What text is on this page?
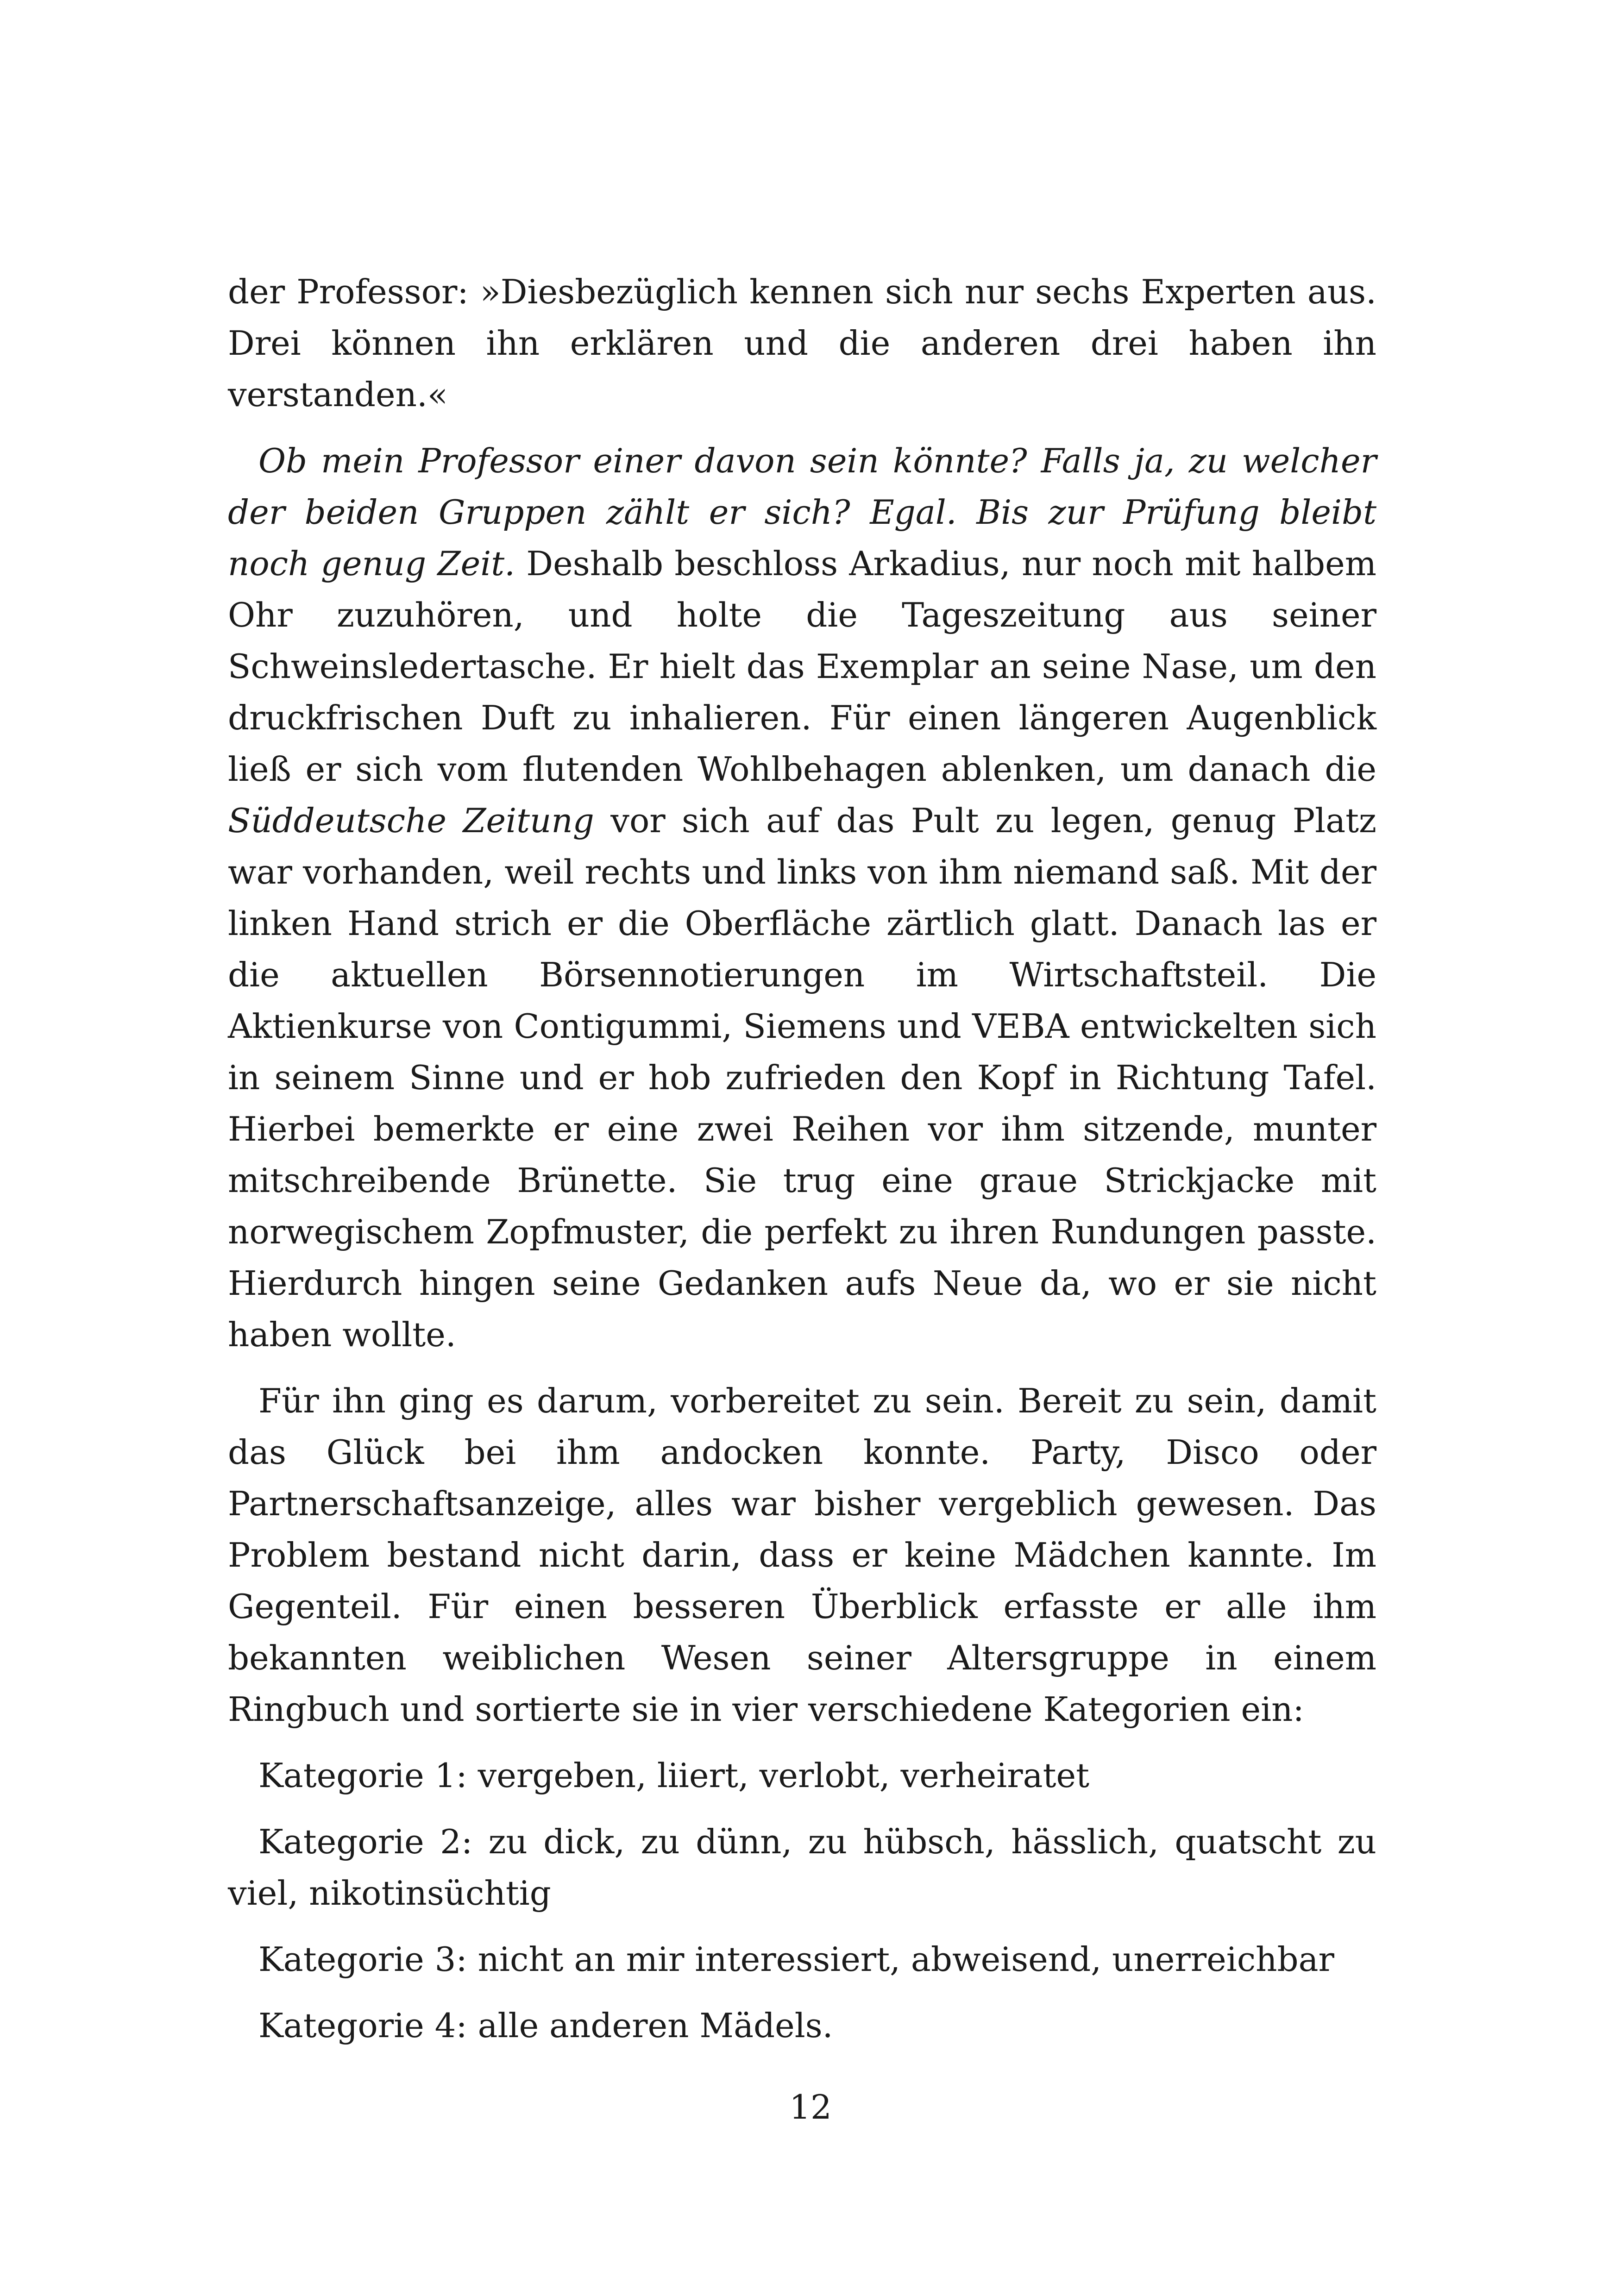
der Professor: »Diesbezüglich kennen sich nur sechs Experten aus. Drei können ihn erklären und die anderen drei haben ihn verstanden.«

Ob mein Professor einer davon sein könnte? Falls ja, zu welcher der beiden Gruppen zählt er sich? Egal. Bis zur Prüfung bleibt noch genug Zeit. Deshalb beschloss Arkadius, nur noch mit halbem Ohr zuzuhören, und holte die Tageszeitung aus seiner Schweinsledertasche. Er hielt das Exemplar an seine Nase, um den druckfrischen Duft zu inhalieren. Für einen längeren Augenblick ließ er sich vom flutenden Wohlbehagen ablenken, um danach die Süddeutsche Zeitung vor sich auf das Pult zu legen, genug Platz war vorhanden, weil rechts und links von ihm niemand saß. Mit der linken Hand strich er die Oberfläche zärtlich glatt. Danach las er die aktuellen Börsennotierungen im Wirtschaftsteil. Die Aktienkurse von Contigummi, Siemens und VEBA entwickelten sich in seinem Sinne und er hob zufrieden den Kopf in Richtung Tafel. Hierbei bemerkte er eine zwei Reihen vor ihm sitzende, munter mitschreibende Brünette. Sie trug eine graue Strickjacke mit norwegischem Zopfmuster, die perfekt zu ihren Rundungen passte. Hierdurch hingen seine Gedanken aufs Neue da, wo er sie nicht haben wollte.

Für ihn ging es darum, vorbereitet zu sein. Bereit zu sein, damit das Glück bei ihm andocken konnte. Party, Disco oder Partnerschaftsanzeige, alles war bisher vergeblich gewesen. Das Problem bestand nicht darin, dass er keine Mädchen kannte. Im Gegenteil. Für einen besseren Überblick erfasste er alle ihm bekannten weiblichen Wesen seiner Altersgruppe in einem Ringbuch und sortierte sie in vier verschiedene Kategorien ein:

Kategorie 1: vergeben, liiert, verlobt, verheiratet

Kategorie 2: zu dick, zu dünn, zu hübsch, hässlich, quatscht zu viel, nikotinsüchtig

Kategorie 3: nicht an mir interessiert, abweisend, unerreichbar

Kategorie 4: alle anderen Mädels.

12
